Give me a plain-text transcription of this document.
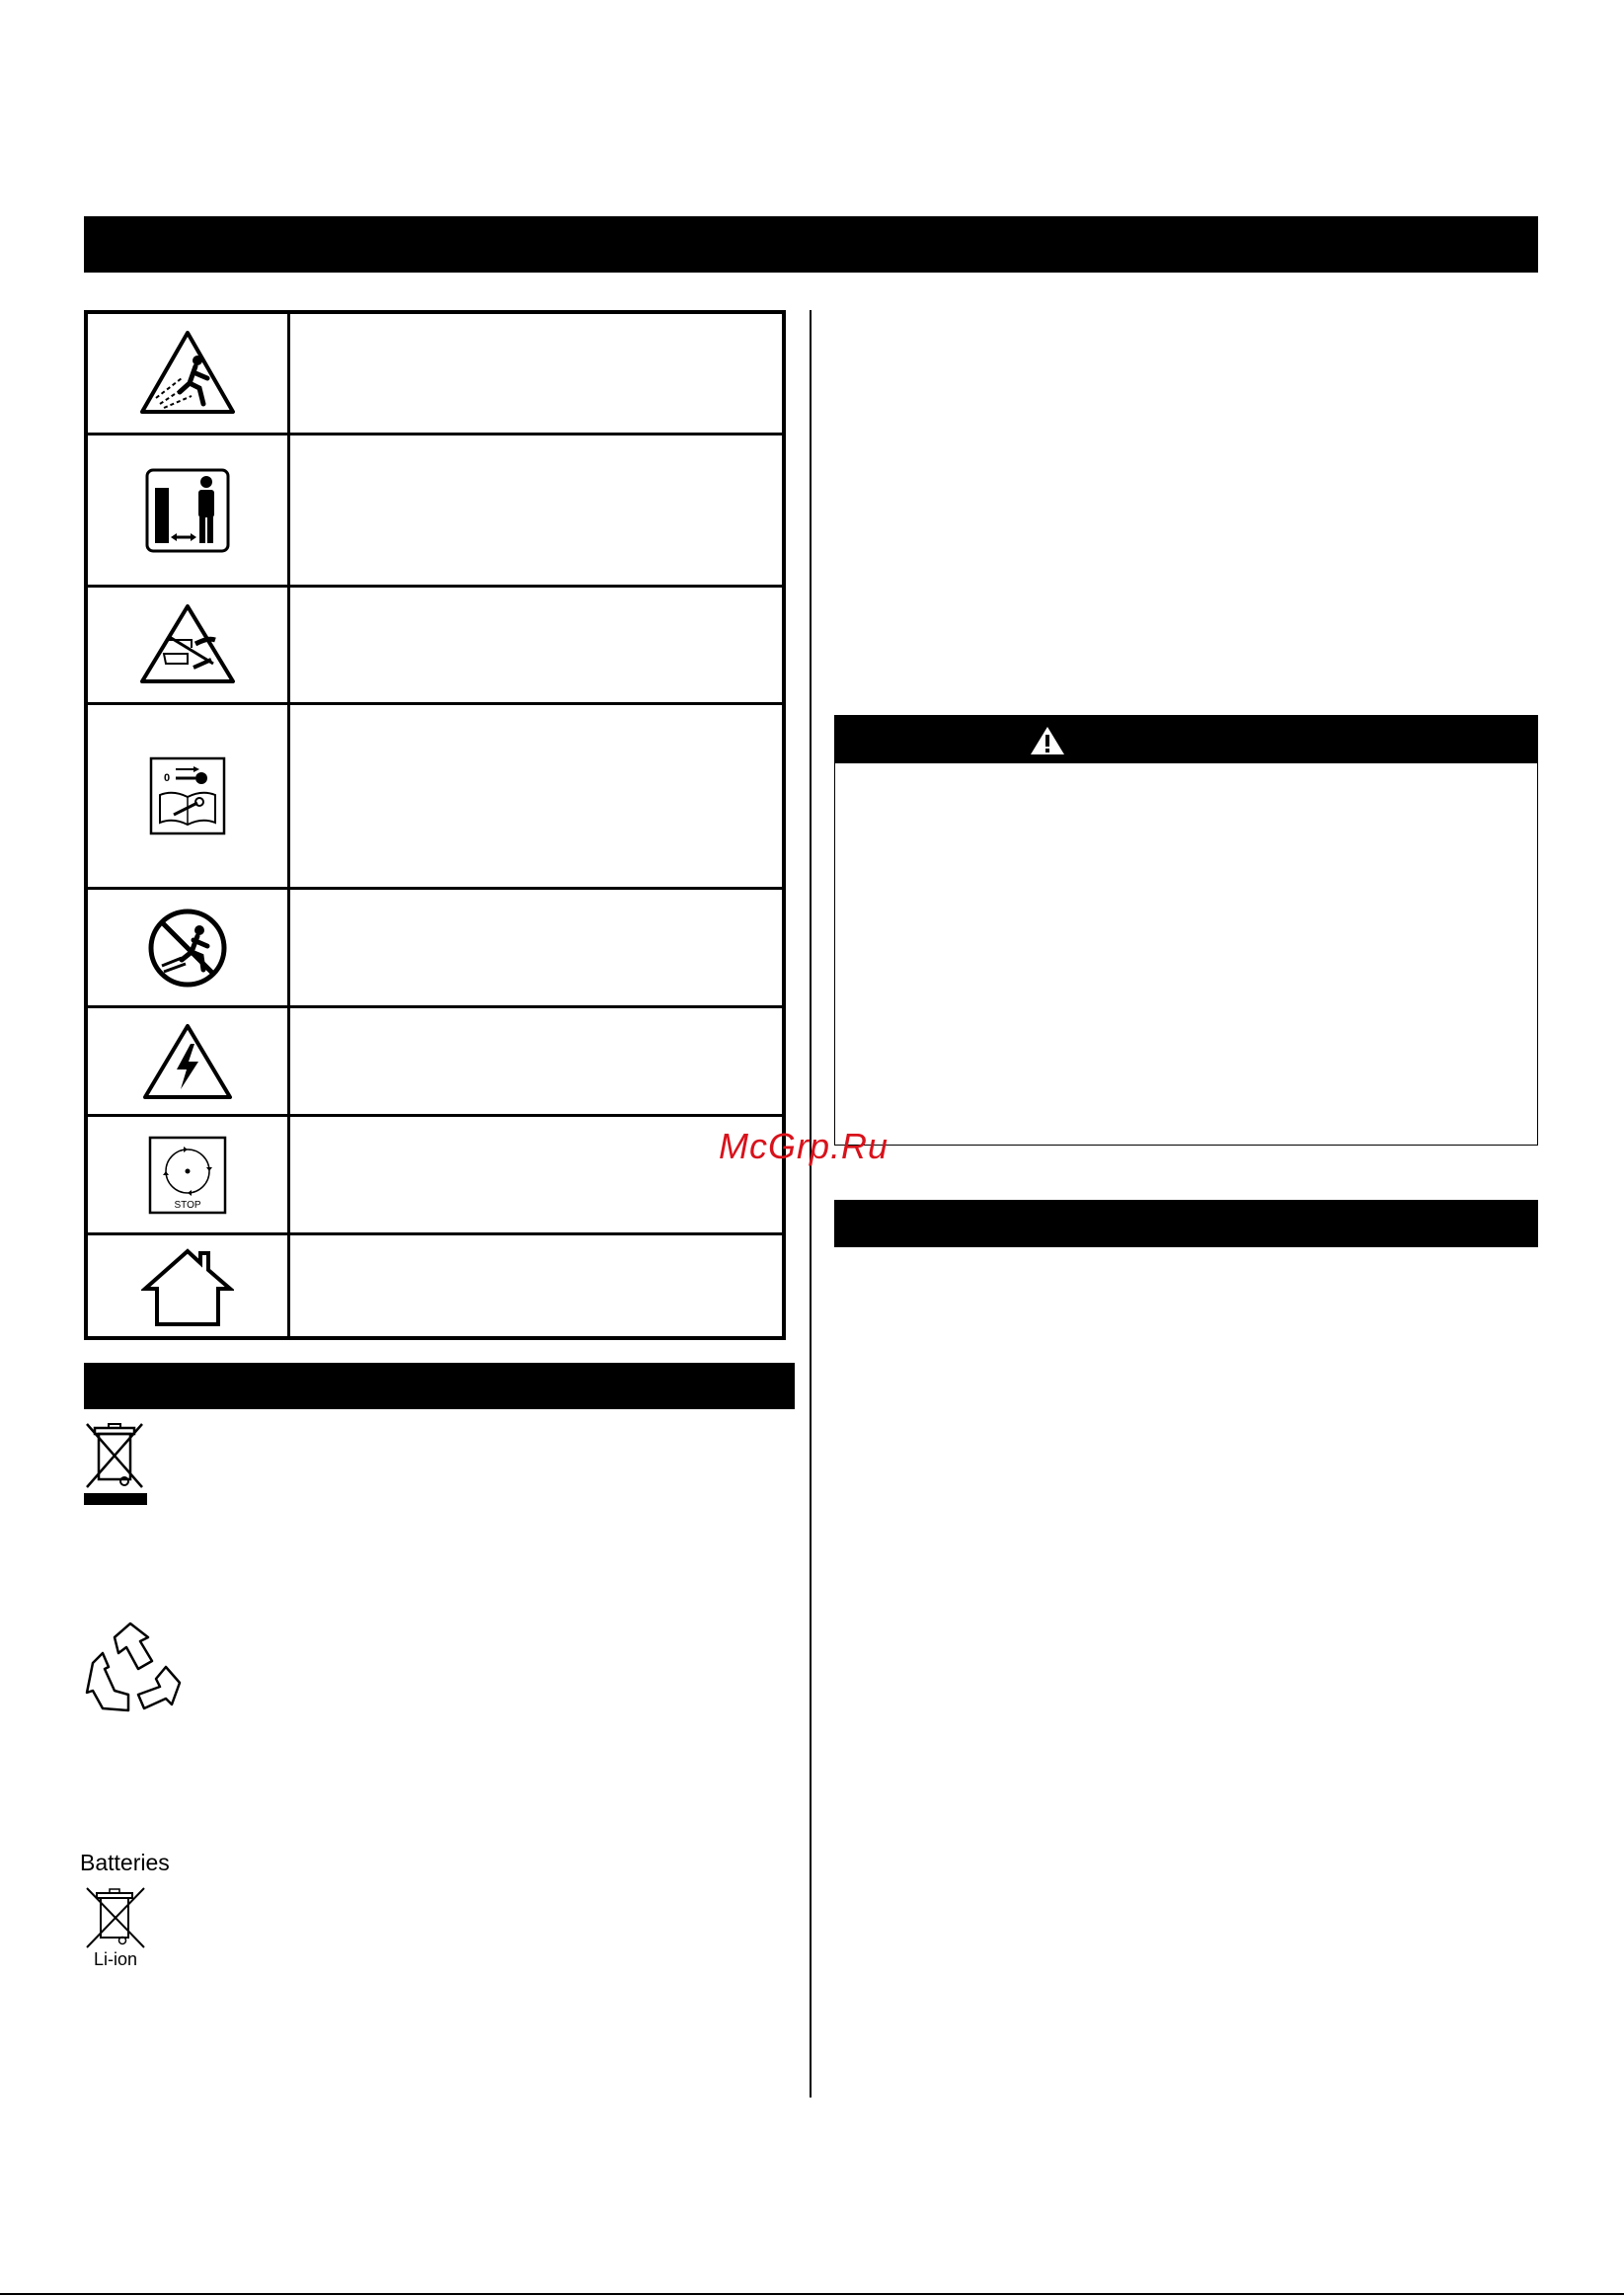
0
STOP
Batteries
Li-ion
McGrp.Ru
